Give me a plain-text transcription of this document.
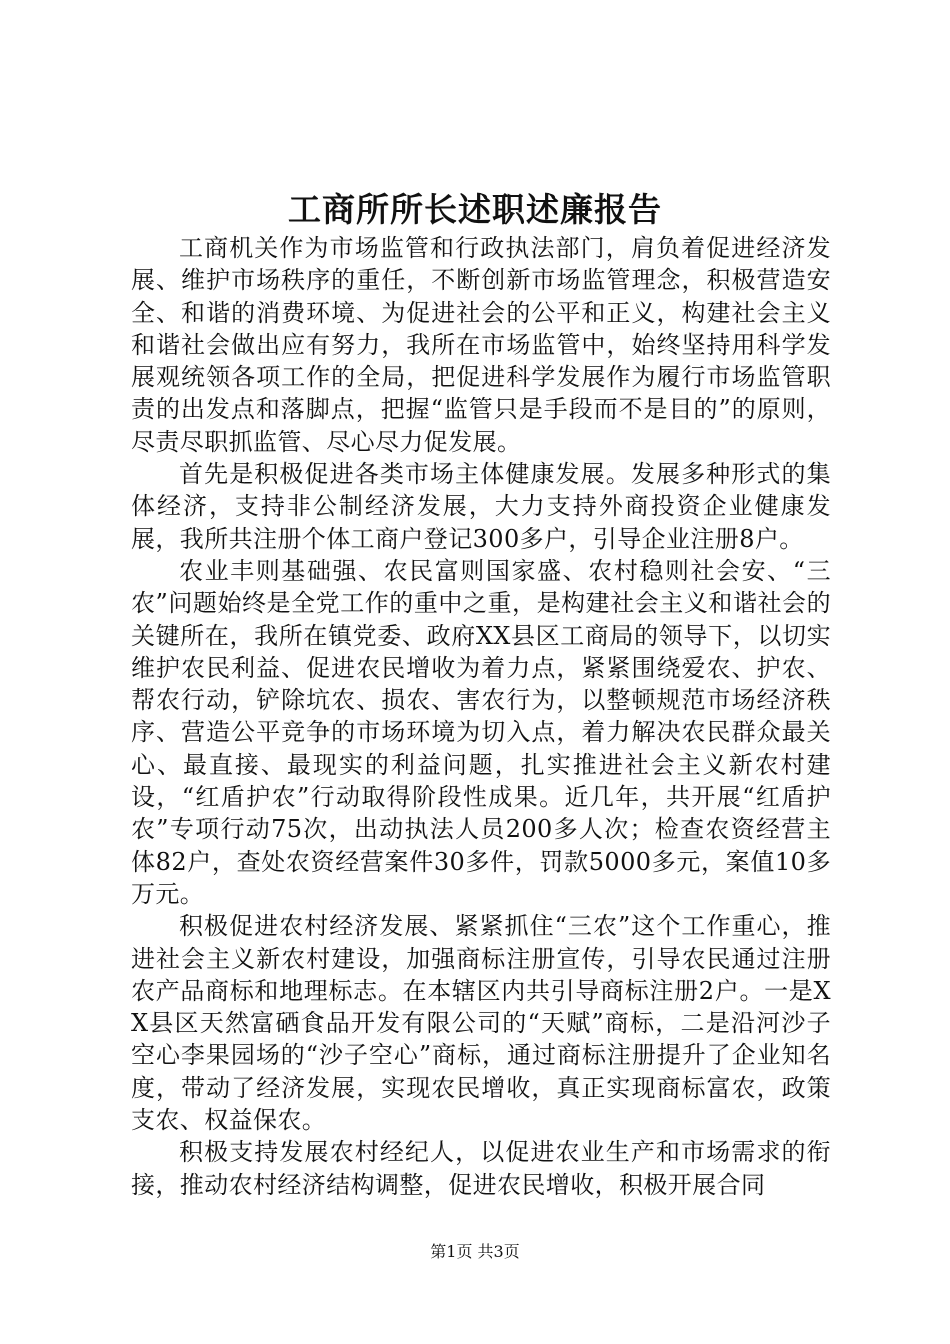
工商所所长述职述廉报告

工商机关作为市场监管和行政执法部门，肩负着促进经济发展、维护市场秩序的重任，不断创新市场监管理念，积极营造安全、和谐的消费环境、为促进社会的公平和正义，构建社会主义和谐社会做出应有努力，我所在市场监管中，始终坚持用科学发展观统领各项工作的全局，把促进科学发展作为履行市场监管职责的出发点和落脚点，把握“监管只是手段而不是目的”的原则，尽责尽职抓监管、尽心尽力促发展。

首先是积极促进各类市场主体健康发展。发展多种形式的集体经济，支持非公制经济发展，大力支持外商投资企业健康发展，我所共注册个体工商户登记300多户，引导企业注册8户。

农业丰则基础强、农民富则国家盛、农村稳则社会安、“三农”问题始终是全党工作的重中之重，是构建社会主义和谐社会的关键所在，我所在镇党委、政府XX县区工商局的领导下，以切实维护农民利益、促进农民增收为着力点，紧紧围绕爱农、护农、帮农行动，铲除坑农、损农、害农行为，以整顿规范市场经济秩序、营造公平竞争的市场环境为切入点，着力解决农民群众最关心、最直接、最现实的利益问题，扎实推进社会主义新农村建设，“红盾护农”行动取得阶段性成果。近几年，共开展“红盾护农”专项行动75次，出动执法人员200多人次；检查农资经营主体82户，查处农资经营案件30多件，罚款5000多元，案值10多万元。

积极促进农村经济发展、紧紧抓住“三农”这个工作重心，推进社会主义新农村建设，加强商标注册宣传，引导农民通过注册农产品商标和地理标志。在本辖区内共引导商标注册2户。一是XX县区天然富硒食品开发有限公司的“天赋”商标，二是沿河沙子空心李果园场的“沙子空心”商标，通过商标注册提升了企业知名度，带动了经济发展，实现农民增收，真正实现商标富农，政策支农、权益保农。

积极支持发展农村经纪人，以促进农业生产和市场需求的衔接，推动农村经济结构调整，促进农民增收，积极开展合同

第1页 共3页
